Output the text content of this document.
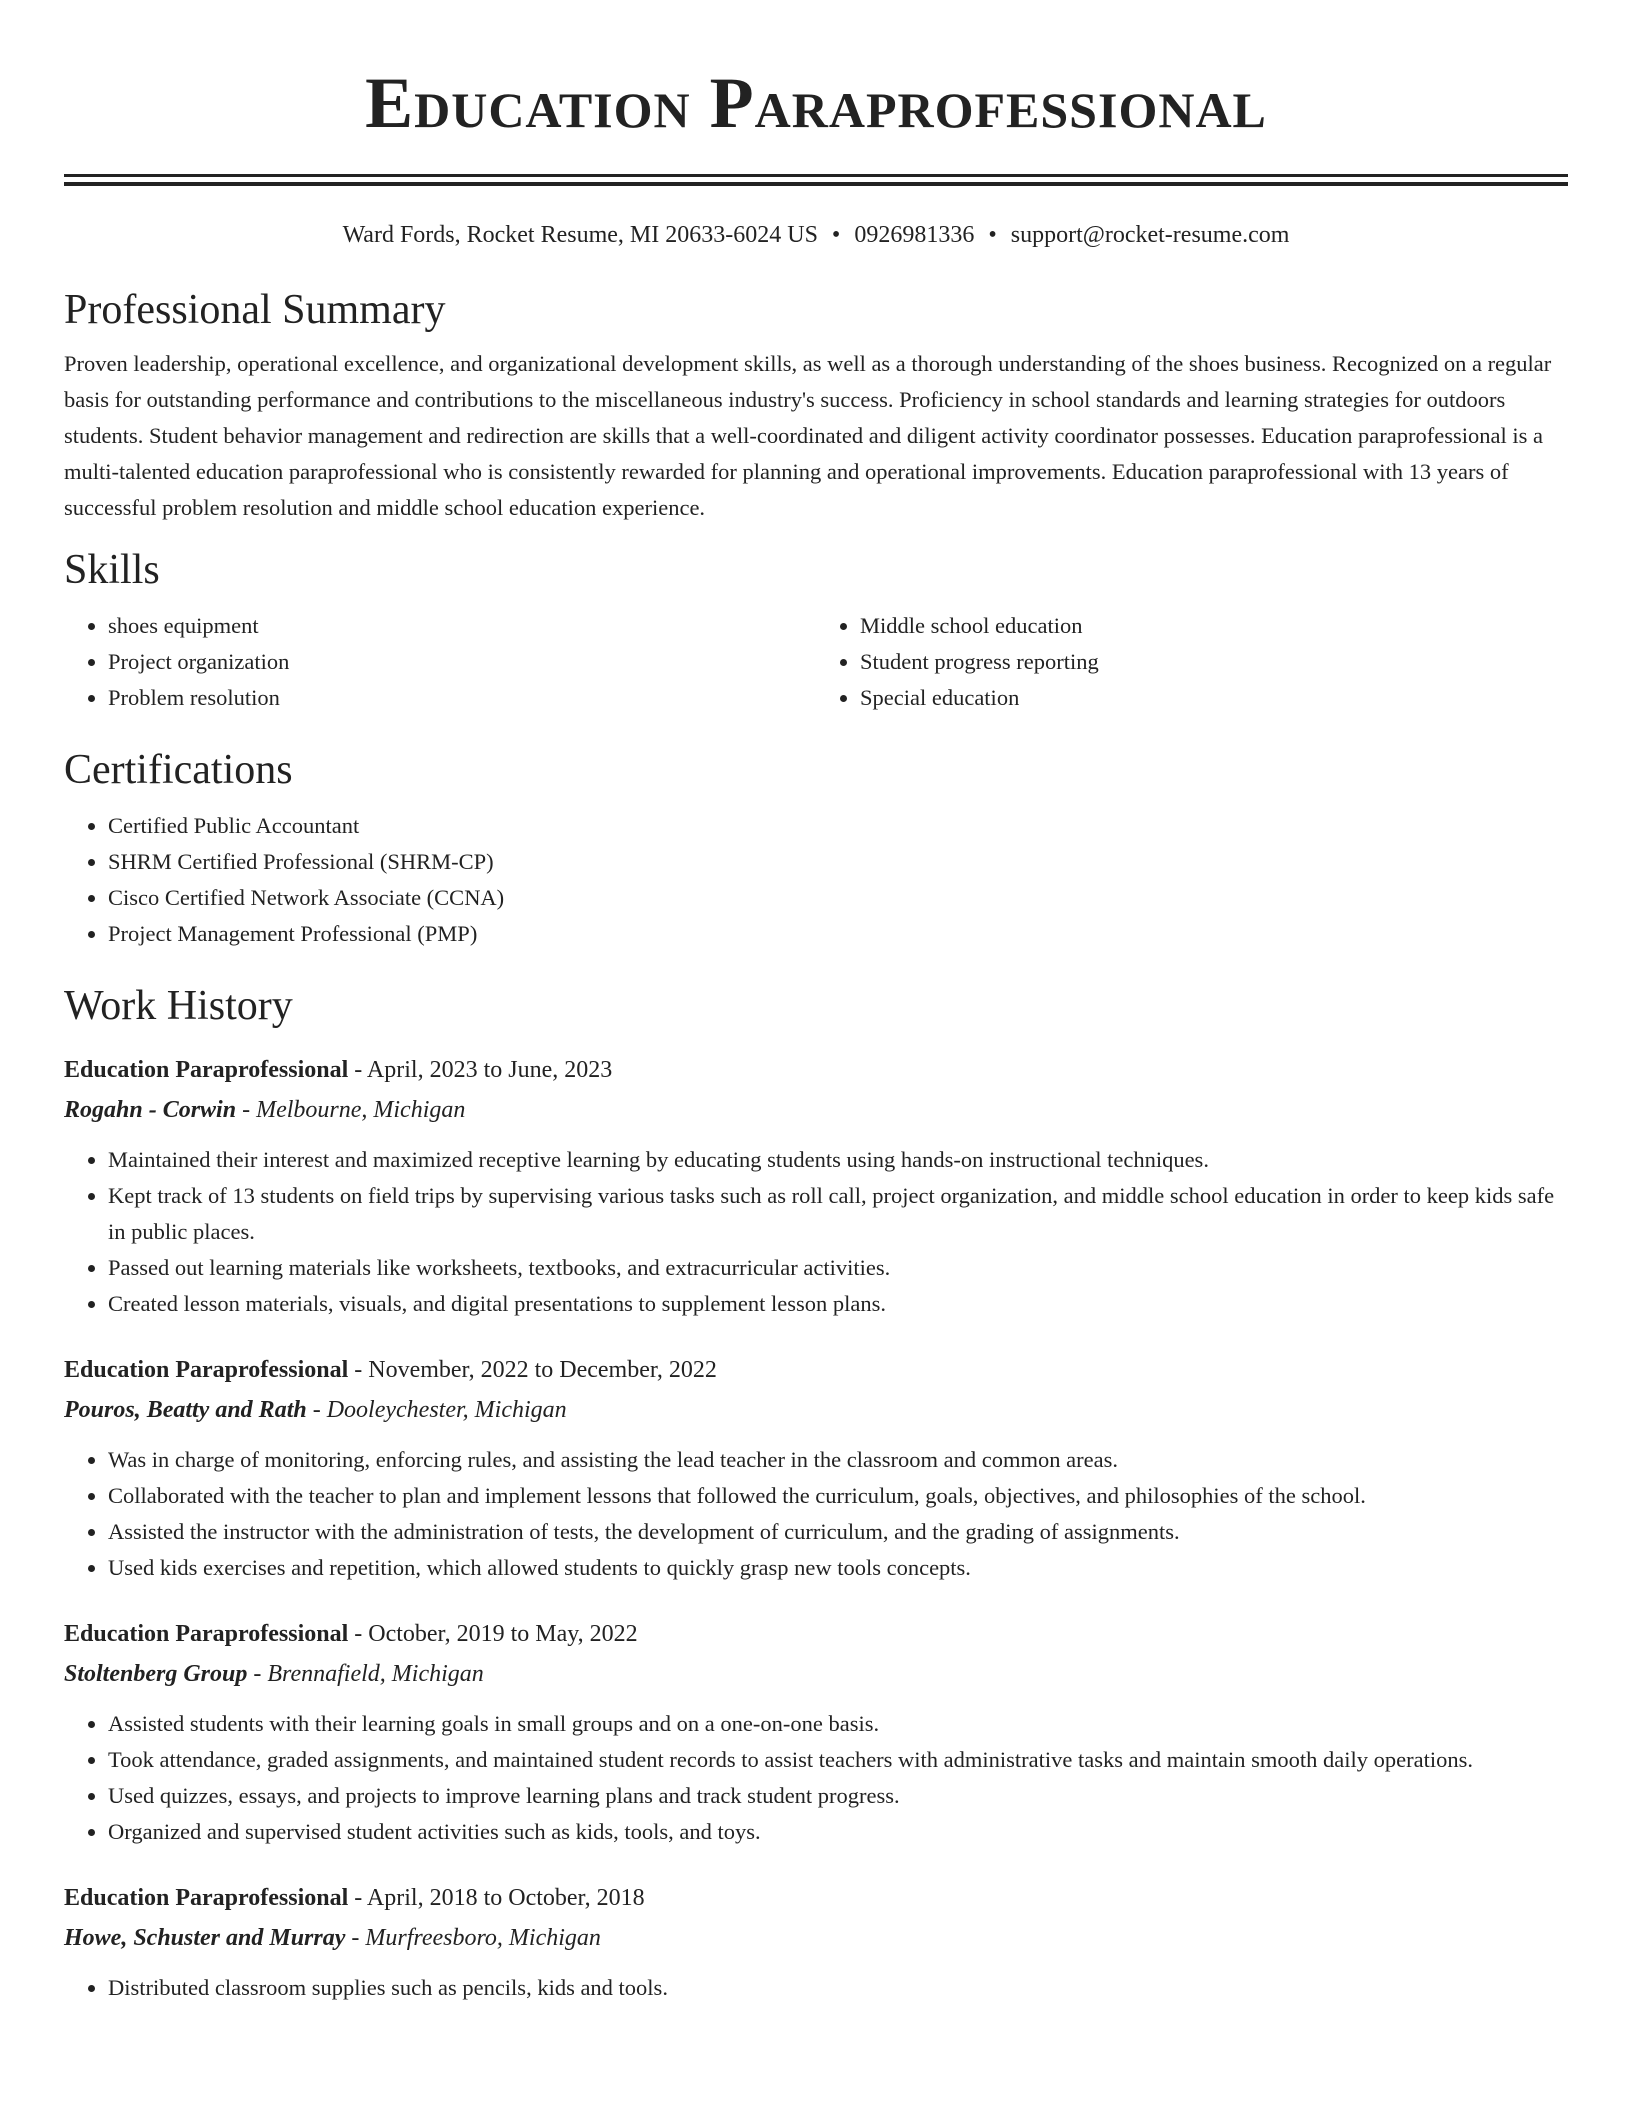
Education Paraprofessional
Ward Fords, Rocket Resume, MI 20633-6024 US • 0926981336 • support@rocket-resume.com
Professional Summary

Proven leadership, operational excellence, and organizational development skills, as well as a thorough understanding of the shoes business. Recognized on a regular basis for outstanding performance and contributions to the miscellaneous industry's success. Proficiency in school standards and learning strategies for outdoors students. Student behavior management and redirection are skills that a well-coordinated and diligent activity coordinator possesses. Education paraprofessional is a multi-talented education paraprofessional who is consistently rewarded for planning and operational improvements. Education paraprofessional with 13 years of successful problem resolution and middle school education experience.

Skills
• shoes equipment
• Project organization
• Problem resolution
• Middle school education
• Student progress reporting
• Special education
Certifications
• Certified Public Accountant
• SHRM Certified Professional (SHRM-CP)
• Cisco Certified Network Associate (CCNA)
• Project Management Professional (PMP)
Work History
Education Paraprofessional - April, 2023 to June, 2023
Rogahn - Corwin - Melbourne, Michigan
• Maintained their interest and maximized receptive learning by educating students using hands-on instructional techniques.
• Kept track of 13 students on field trips by supervising various tasks such as roll call, project organization, and middle school education in order to keep kids safe in public places.
• Passed out learning materials like worksheets, textbooks, and extracurricular activities.
• Created lesson materials, visuals, and digital presentations to supplement lesson plans.
Education Paraprofessional - November, 2022 to December, 2022
Pouros, Beatty and Rath - Dooleychester, Michigan
• Was in charge of monitoring, enforcing rules, and assisting the lead teacher in the classroom and common areas.
• Collaborated with the teacher to plan and implement lessons that followed the curriculum, goals, objectives, and philosophies of the school.
• Assisted the instructor with the administration of tests, the development of curriculum, and the grading of assignments.
• Used kids exercises and repetition, which allowed students to quickly grasp new tools concepts.
Education Paraprofessional - October, 2019 to May, 2022
Stoltenberg Group - Brennafield, Michigan
• Assisted students with their learning goals in small groups and on a one-on-one basis.
• Took attendance, graded assignments, and maintained student records to assist teachers with administrative tasks and maintain smooth daily operations.
• Used quizzes, essays, and projects to improve learning plans and track student progress.
• Organized and supervised student activities such as kids, tools, and toys.
Education Paraprofessional - April, 2018 to October, 2018
Howe, Schuster and Murray - Murfreesboro, Michigan
• Distributed classroom supplies such as pencils, kids and tools.
